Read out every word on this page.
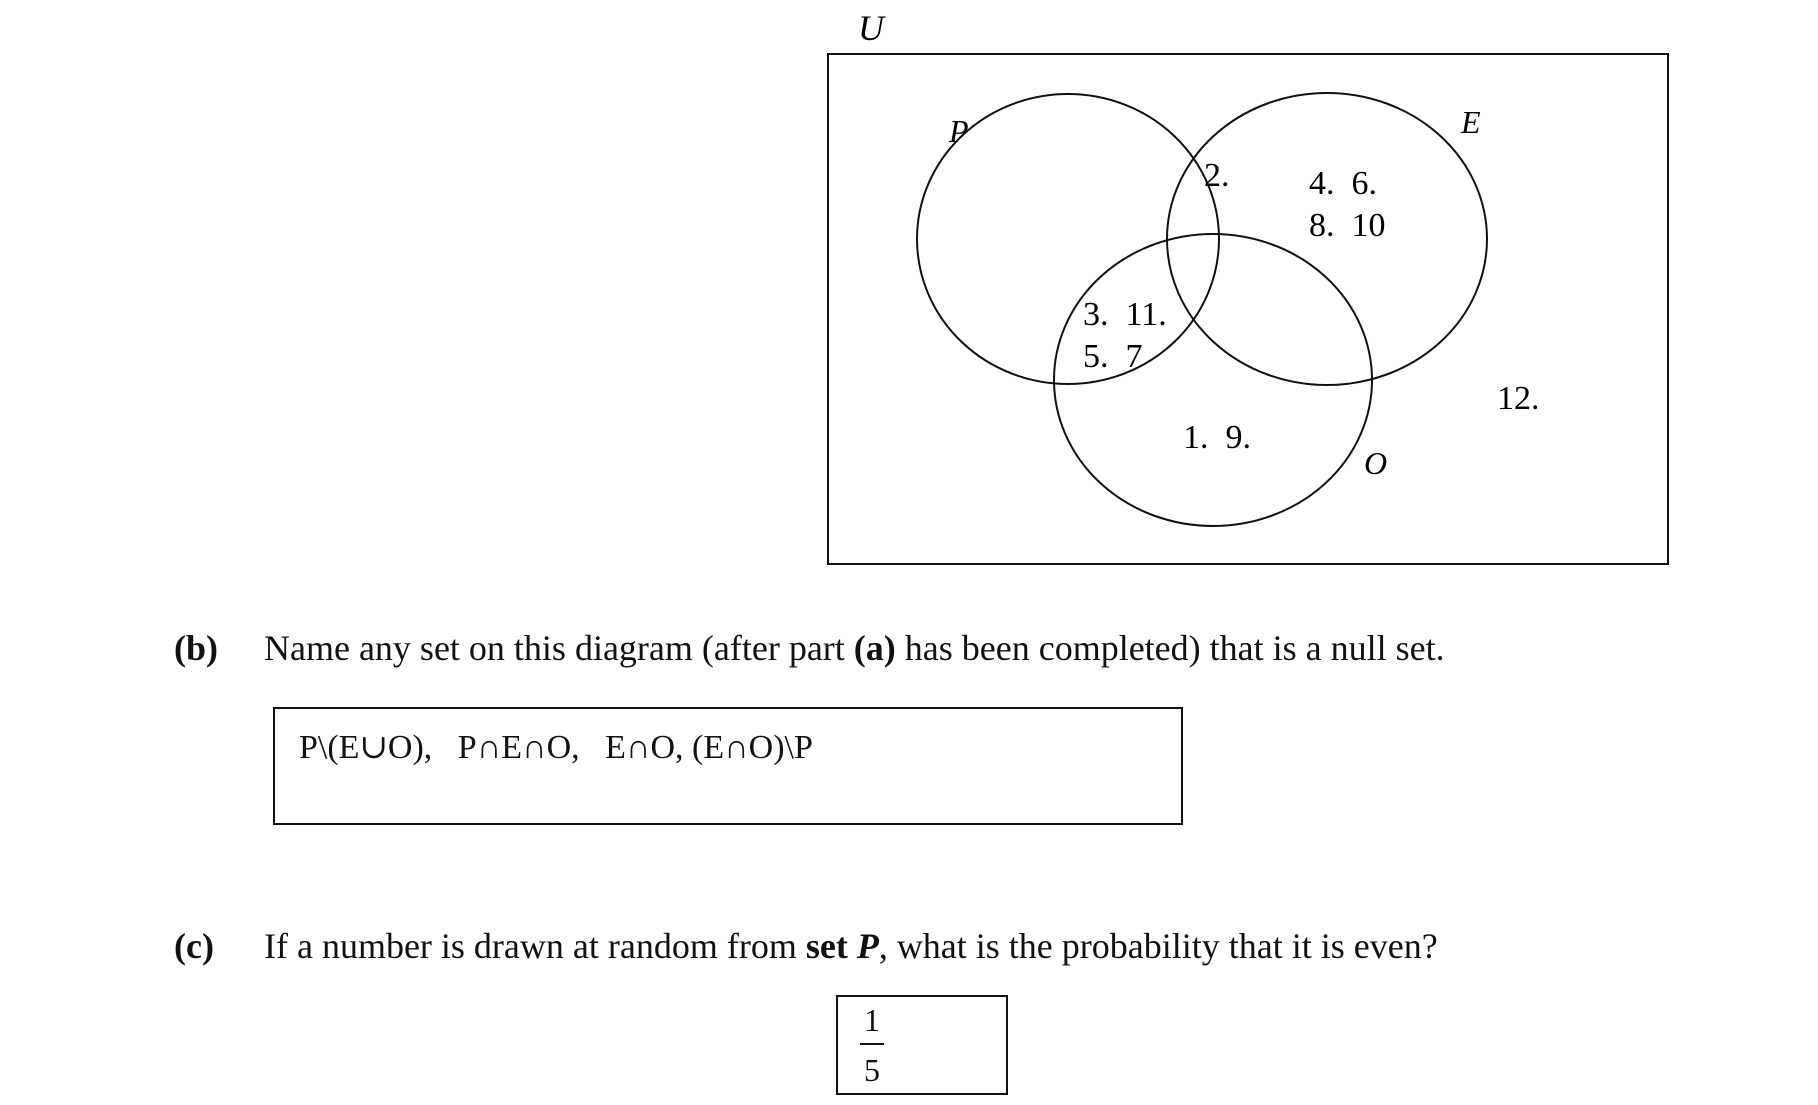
U
P	E
O
2. 4.  6.
8.  10
3.  11.
5.  7
1.  9.
12.
(b) Name any set on this diagram (after part (a) has been completed) that is a null set.
P\(E∪O),   P∩E∩O,   E∩O, (E∩O)\P
(c) If a number is drawn at random from set P, what is the probability that it is even?
1
5
